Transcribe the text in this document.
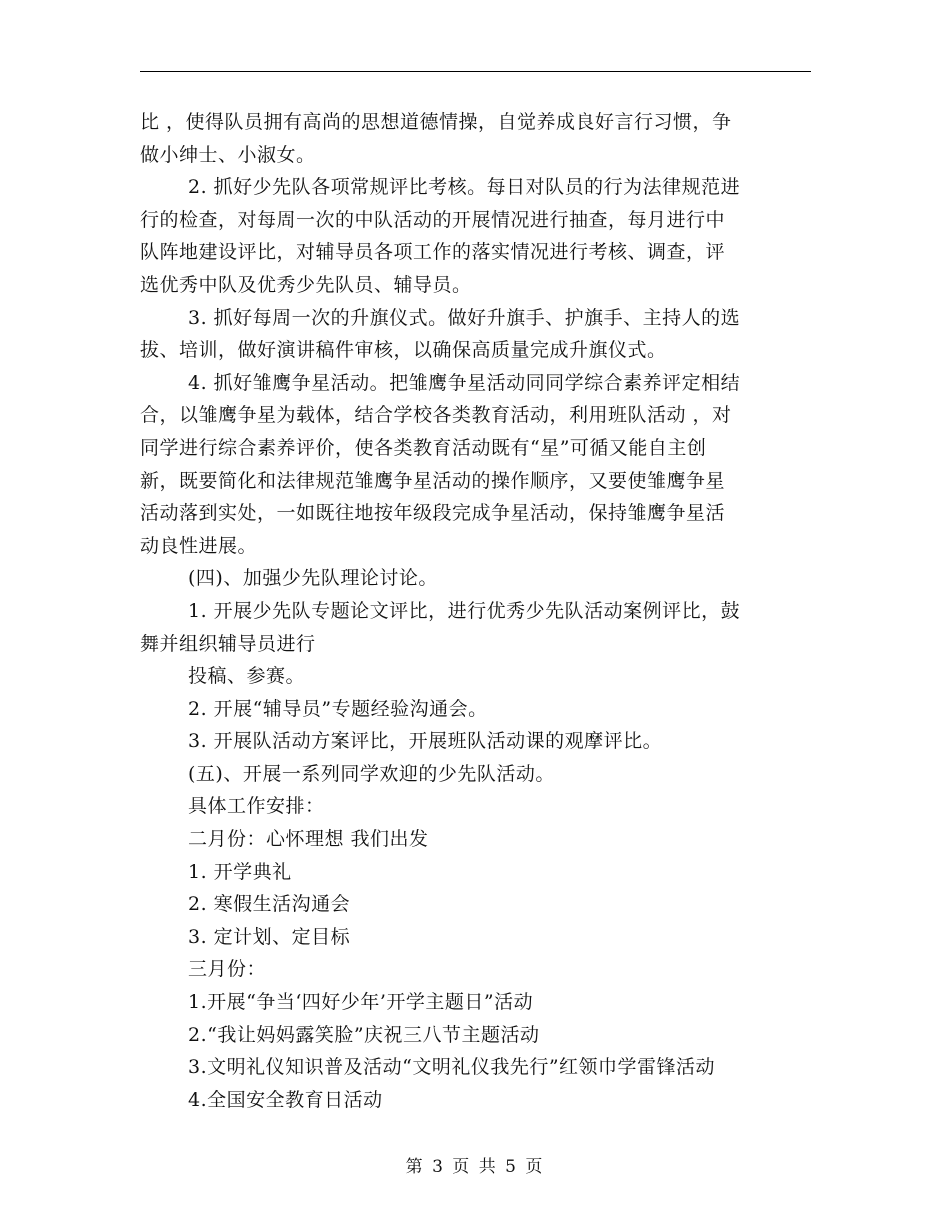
比 ，使得队员拥有高尚的思想道德情操，自觉养成良好言行习惯，争
做小绅士、小淑女。
2. 抓好少先队各项常规评比考核。每日对队员的行为法律规范进
行的检查，对每周一次的中队活动的开展情况进行抽查，每月进行中
队阵地建设评比，对辅导员各项工作的落实情况进行考核、调查，评
选优秀中队及优秀少先队员、辅导员。
3. 抓好每周一次的升旗仪式。做好升旗手、护旗手、主持人的选
拔、培训，做好演讲稿件审核，以确保高质量完成升旗仪式。
4. 抓好雏鹰争星活动。把雏鹰争星活动同同学综合素养评定相结
合，以雏鹰争星为载体，结合学校各类教育活动，利用班队活动 ，对
同学进行综合素养评价，使各类教育活动既有“星”可循又能自主创
新，既要简化和法律规范雏鹰争星活动的操作顺序，又要使雏鹰争星
活动落到实处，一如既往地按年级段完成争星活动，保持雏鹰争星活
动良性进展。
(四)、加强少先队理论讨论。
1. 开展少先队专题论文评比，进行优秀少先队活动案例评比，鼓
舞并组织辅导员进行
投稿、参赛。
2. 开展“辅导员”专题经验沟通会。
3. 开展队活动方案评比，开展班队活动课的观摩评比。
(五)、开展一系列同学欢迎的少先队活动。
具体工作安排：
二月份：心怀理想 我们出发
1. 开学典礼
2. 寒假生活沟通会
3. 定计划、定目标
三月份：
1.开展“争当‘四好少年’开学主题日”活动
2.“我让妈妈露笑脸”庆祝三八节主题活动
3.文明礼仪知识普及活动“文明礼仪我先行”红领巾学雷锋活动
4.全国安全教育日活动
第 3 页 共 5 页
